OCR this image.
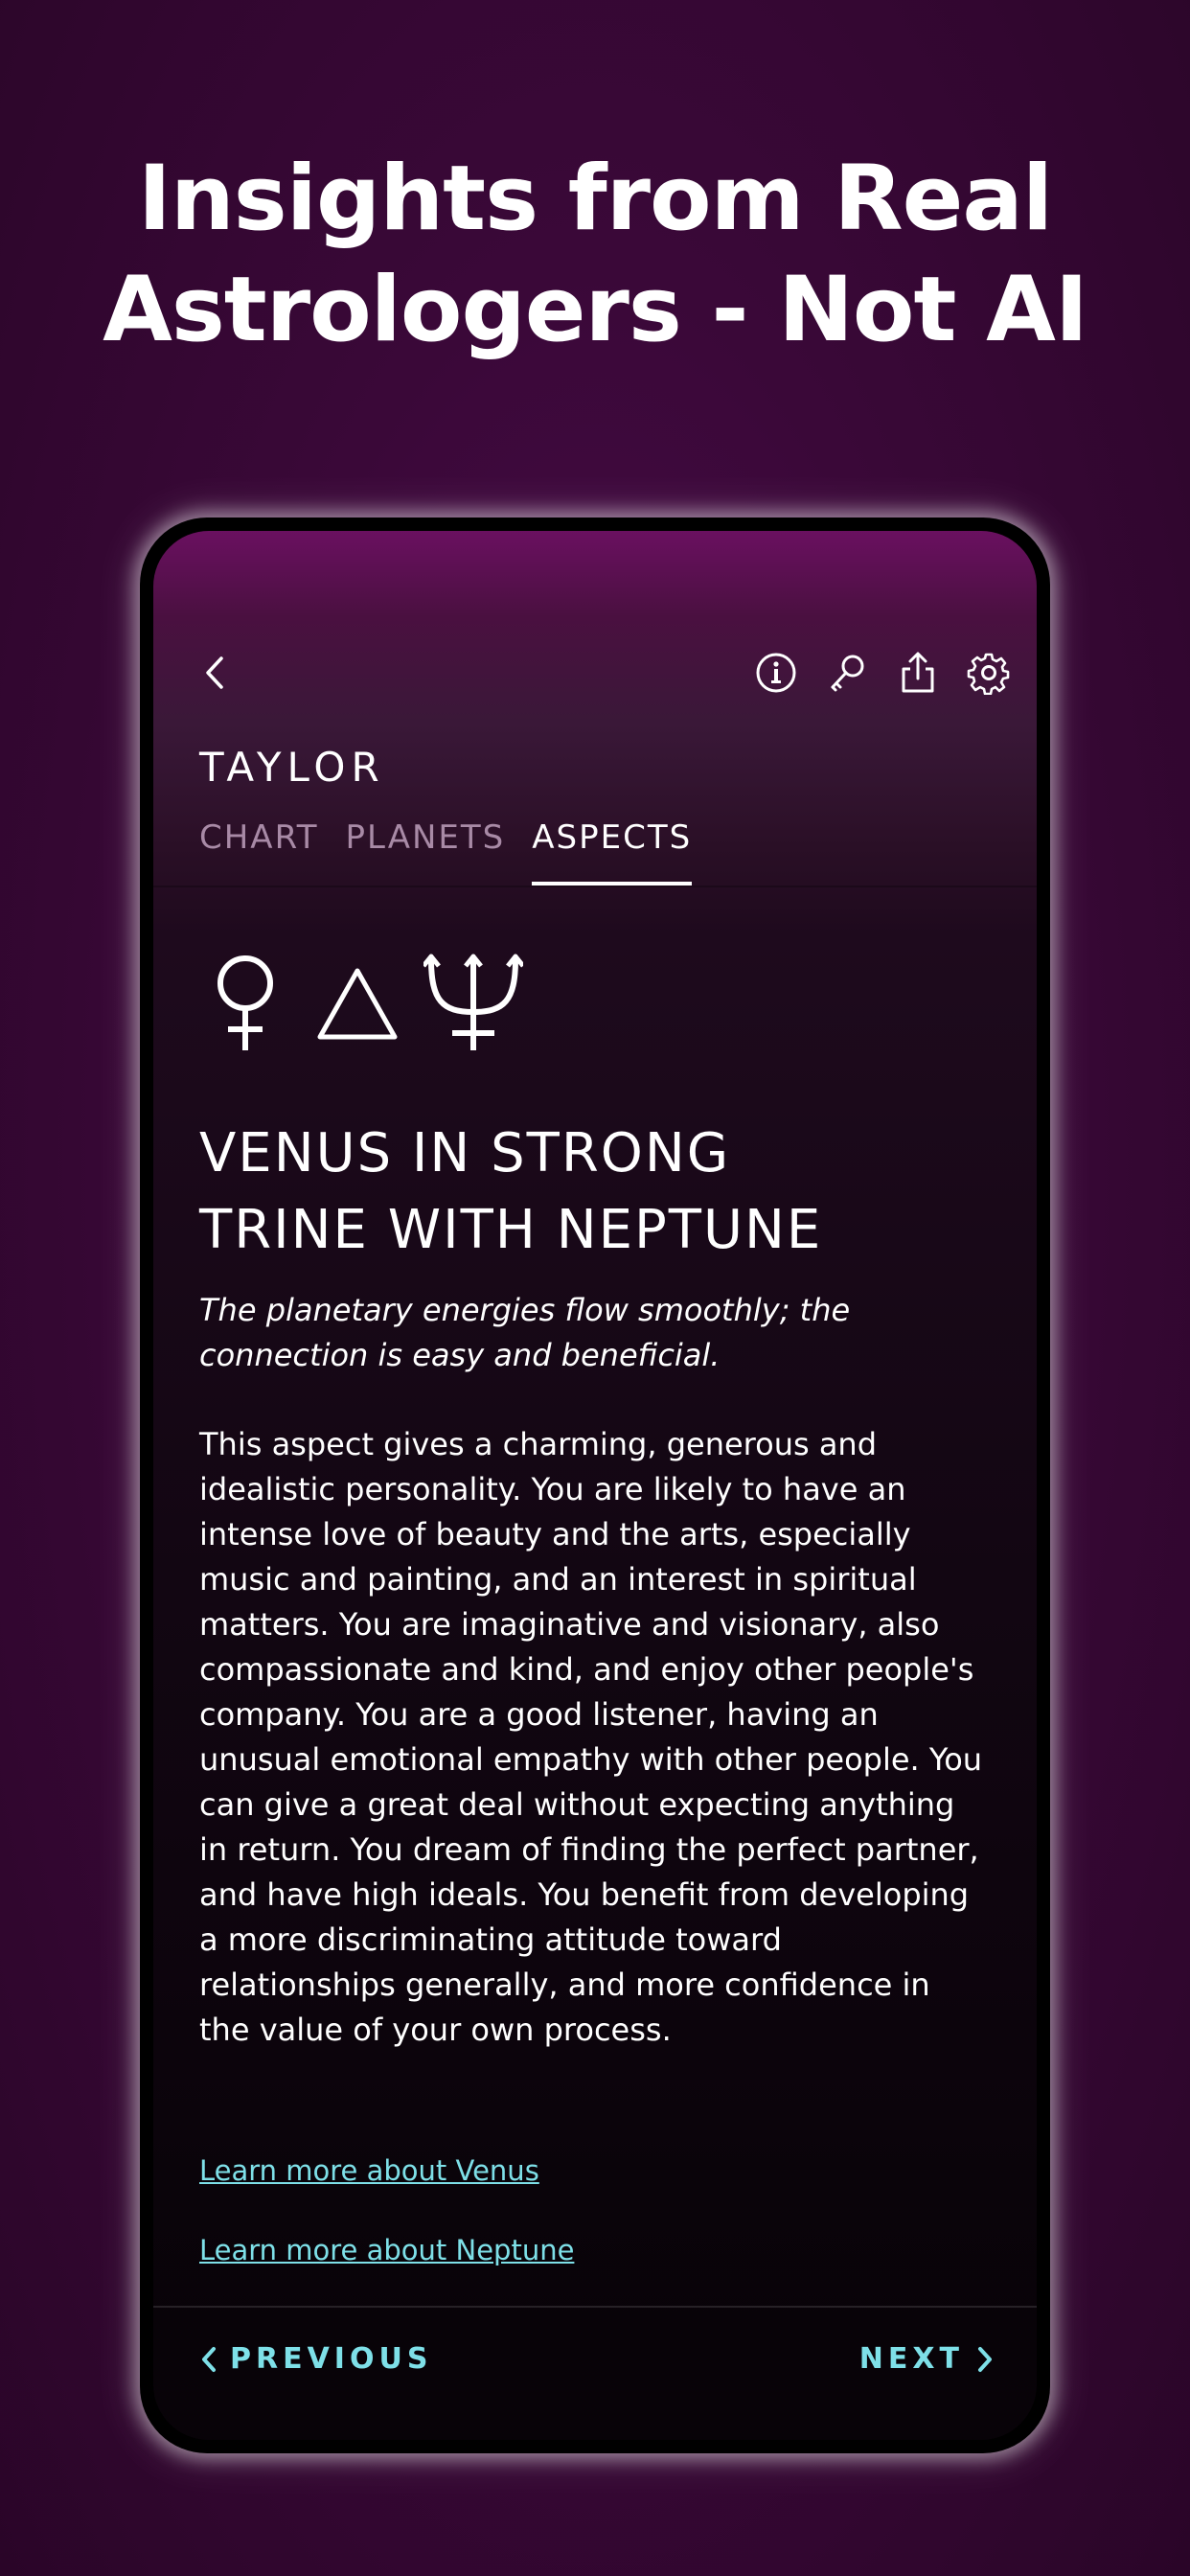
Insights from Real
Astrologers - Not AI
TAYLOR
CHART PLANETS ASPECTS
VENUS IN STRONG
TRINE WITH NEPTUNE
The planetary energies flow smoothly; the connection is easy and beneficial.
This aspect gives a charming, generous and idealistic personality. You are likely to have an intense love of beauty and the arts, especially music and painting, and an interest in spiritual matters. You are imaginative and visionary, also compassionate and kind, and enjoy other people's company. You are a good listener, having an unusual emotional empathy with other people. You can give a great deal without expecting anything in return. You dream of finding the perfect partner, and have high ideals. You benefit from developing a more discriminating attitude toward relationships generally, and more confidence in the value of your own process.
Learn more about Venus
Learn more about Neptune
PREVIOUS	NEXT
